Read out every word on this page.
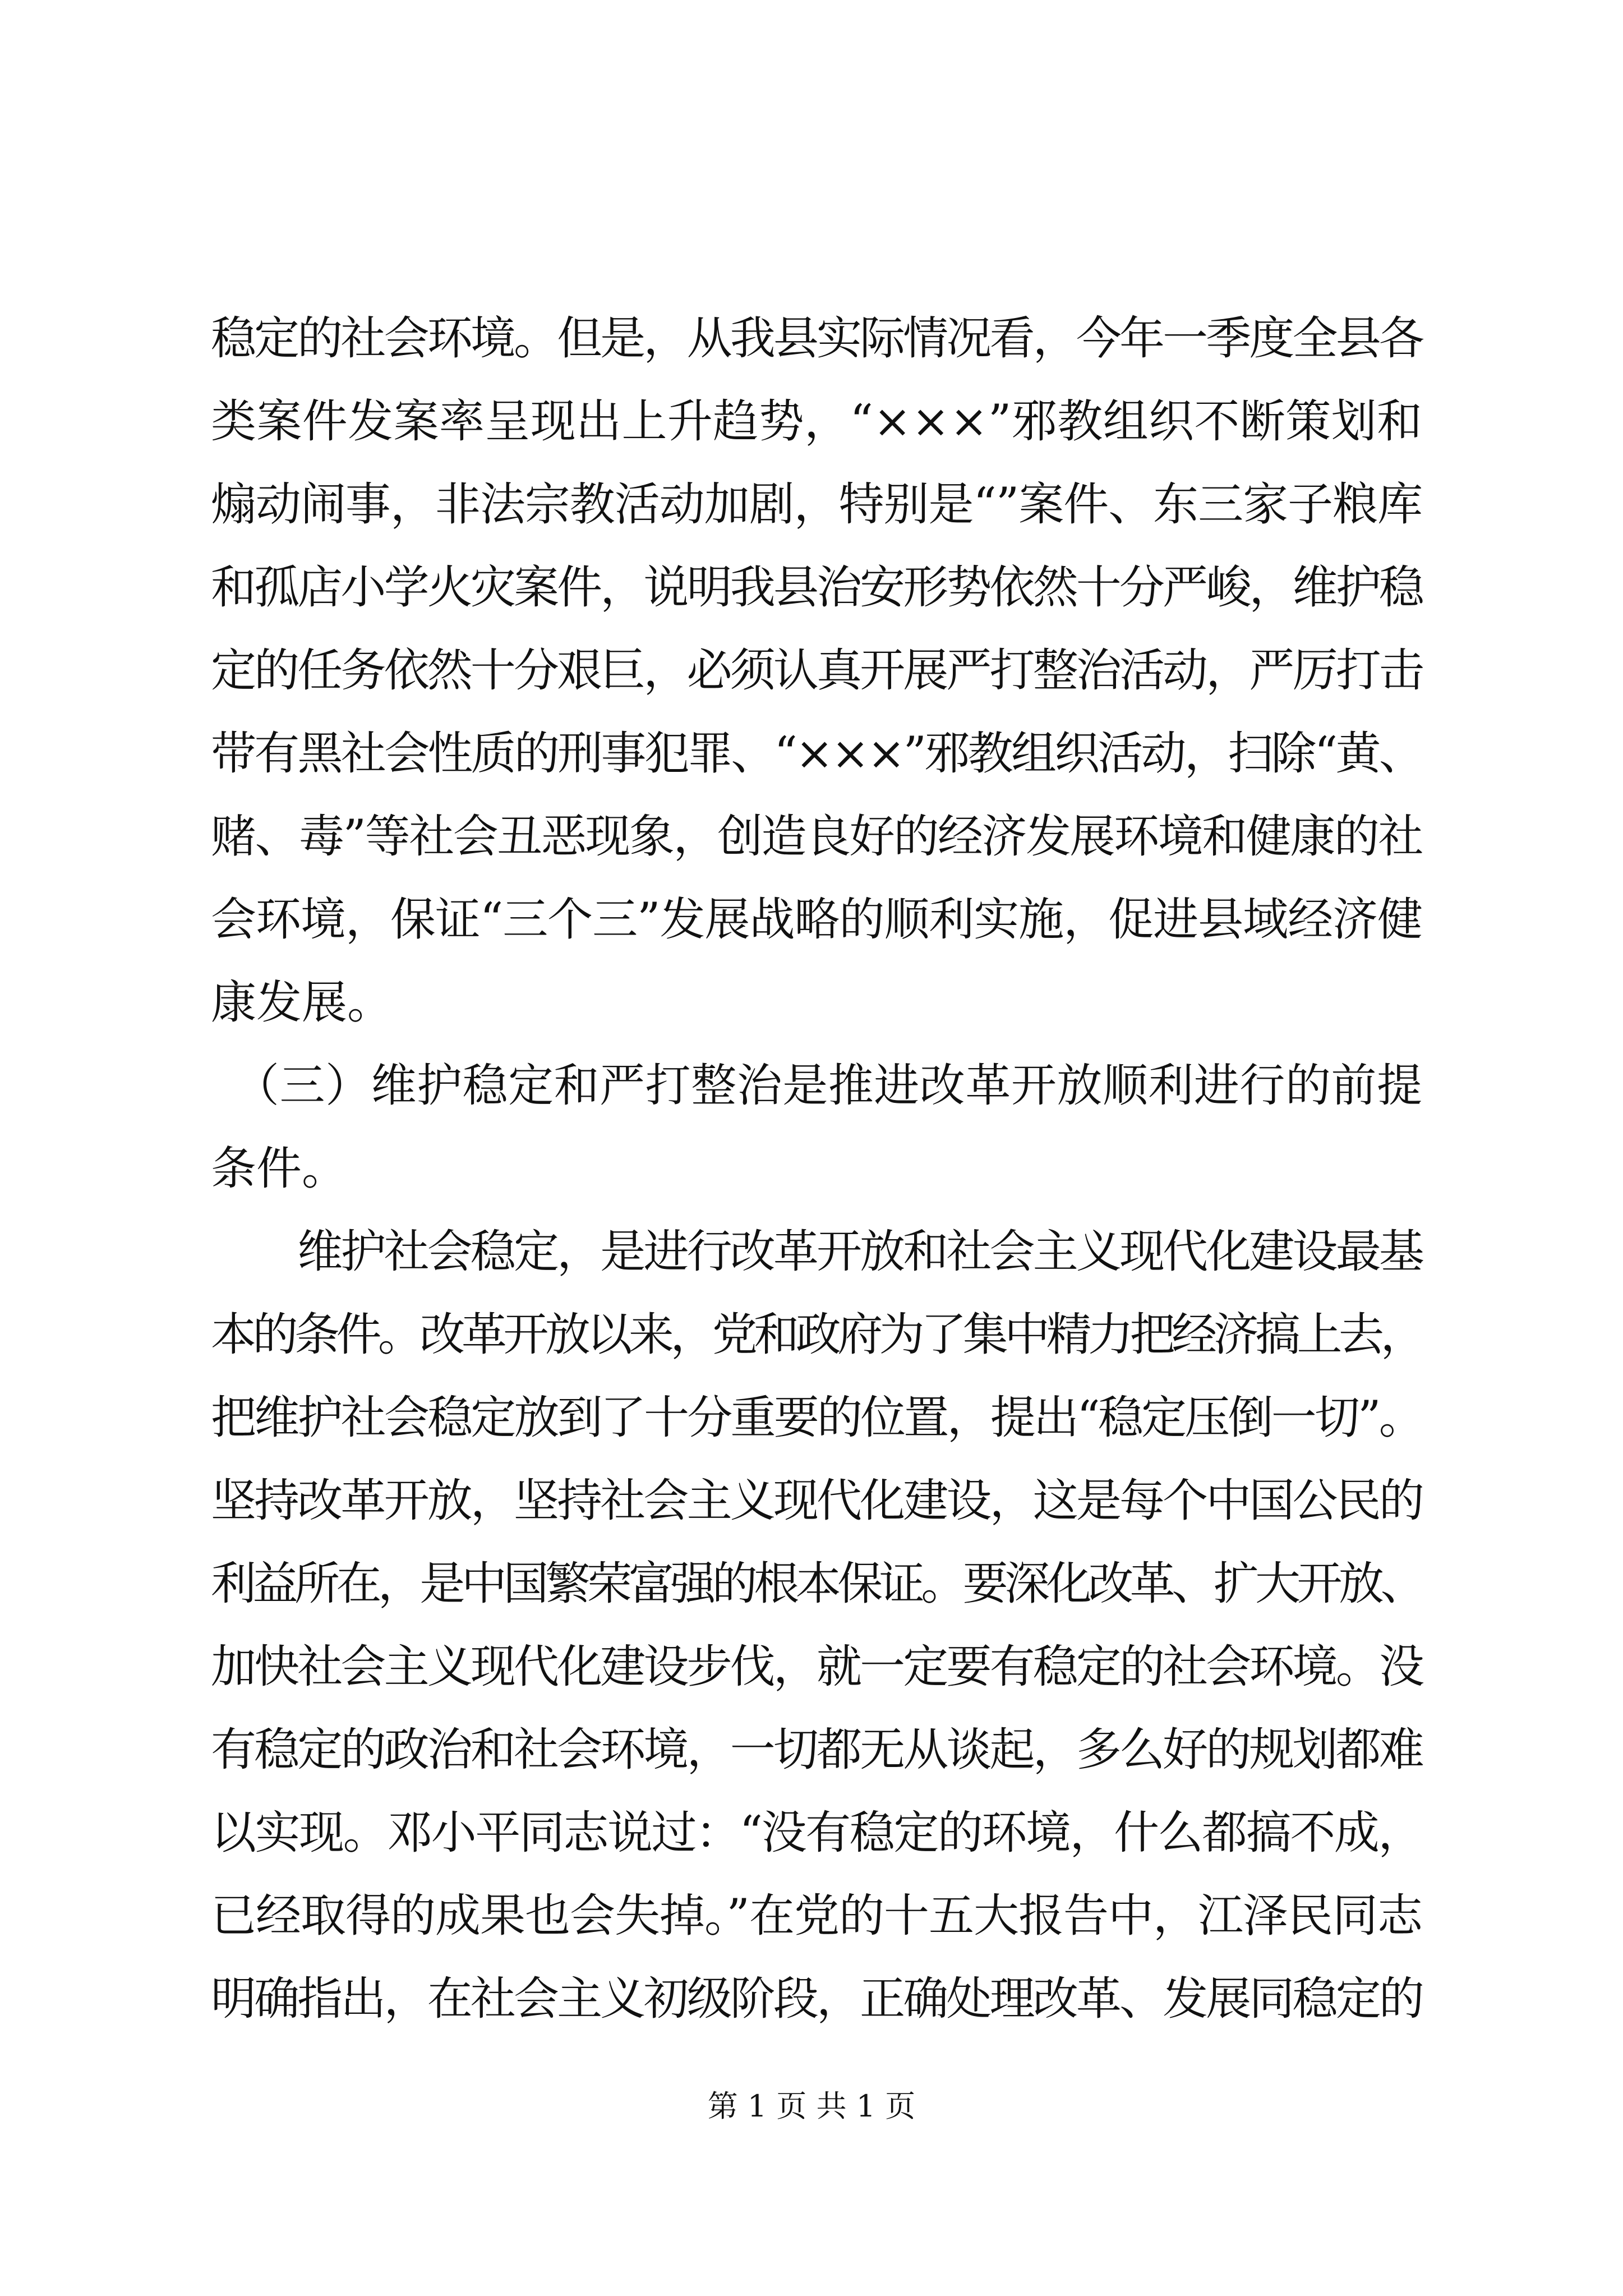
稳定的社会环境。但是，从我县实际情况看，今年一季度全县各
类案件发案率呈现出上升趋势，“×××”邪教组织不断策划和
煽动闹事，非法宗教活动加剧，特别是“”案件、东三家子粮库
和孤店小学火灾案件，说明我县治安形势依然十分严峻，维护稳
定的任务依然十分艰巨，必须认真开展严打整治活动，严厉打击
带有黑社会性质的刑事犯罪、“×××”邪教组织活动，扫除“黄、
赌、毒”等社会丑恶现象，创造良好的经济发展环境和健康的社
会环境，保证“三个三”发展战略的顺利实施，促进县域经济健
康发展。
　（三）维护稳定和严打整治是推进改革开放顺利进行的前提
条件。
　　维护社会稳定，是进行改革开放和社会主义现代化建设最基
本的条件。改革开放以来，党和政府为了集中精力把经济搞上去，
把维护社会稳定放到了十分重要的位置，提出“稳定压倒一切”。
坚持改革开放，坚持社会主义现代化建设，这是每个中国公民的
利益所在，是中国繁荣富强的根本保证。要深化改革、扩大开放、
加快社会主义现代化建设步伐，就一定要有稳定的社会环境。没
有稳定的政治和社会环境，一切都无从谈起，多么好的规划都难
以实现。邓小平同志说过：“没有稳定的环境，什么都搞不成，
已经取得的成果也会失掉。”在党的十五大报告中，江泽民同志
明确指出，在社会主义初级阶段，正确处理改革、发展同稳定的
第 1 页 共 1 页
